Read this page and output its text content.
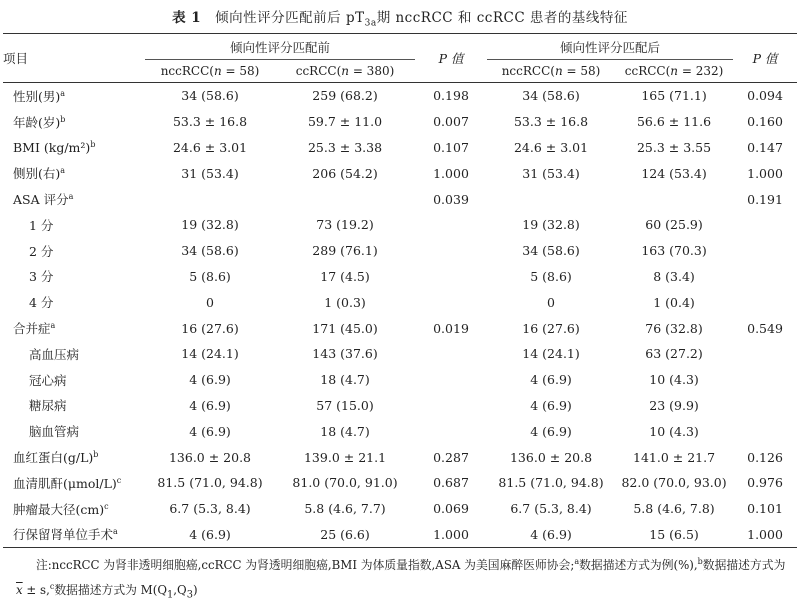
表 1 倾向性评分匹配前后 $pT_{3a}$期 nccRCC 和 ccRCC 患者的基线特征
项目	倾向性评分匹配前		P 值	倾向性评分匹配后		P 值
	nccRCC(n = 58)	ccRCC(n = 380)		nccRCC(n = 58)	ccRCC(n = 232)	
性别(男)$^a$	34 (58.6)	259 (68.2)	0.198	34 (58.6)	165 (71.1)	0.094
年龄(岁)$^b$	53.3 ± 16.8	59.7 ± 11.0	0.007	53.3 ± 16.8	56.6 ± 11.6	0.160
BMI $(kg/m^2)^b$	24.6 ± 3.01	25.3 ± 3.38	0.107	24.6 ± 3.01	25.3 ± 3.55	0.147
侧别(右)$^a$	31 (53.4)	206 (54.2)	1.000	31 (53.4)	124 (53.4)	1.000
ASA 评分$^a$			0.039			0.191
1 分	19 (32.8)	73 (19.2)		19 (32.8)	60 (25.9)	
2 分	34 (58.6)	289 (76.1)		34 (58.6)	163 (70.3)	
3 分	5 (8.6)	17 (4.5)		5 (8.6)	8 (3.4)	
4 分	0	1 (0.3)		0	1 (0.4)	
合并症$^a$	16 (27.6)	171 (45.0)	0.019	16 (27.6)	76 (32.8)	0.549
高血压病	14 (24.1)	143 (37.6)		14 (24.1)	63 (27.2)	
冠心病	4 (6.9)	18 (4.7)		4 (6.9)	10 (4.3)	
糖尿病	4 (6.9)	57 (15.0)		4 (6.9)	23 (9.9)	
脑血管病	4 (6.9)	18 (4.7)		4 (6.9)	10 (4.3)	
血红蛋白$(g/L)^b$	136.0 ± 20.8	139.0 ± 21.1	0.287	136.0 ± 20.8	141.0 ± 21.7	0.126
血清肌酐$(\mu mol/L)^c$	81.5 (71.0, 94.8)	81.0 (70.0, 91.0)	0.687	81.5 (71.0, 94.8)	82.0 (70.0, 93.0)	0.976
肿瘤最大径(cm)$^c$	6.7 (5.3, 8.4)	5.8 (4.6, 7.7)	0.069	6.7 (5.3, 8.4)	5.8 (4.6, 7.8)	0.101
行保留肾单位手术$^a$	4 (6.9)	25 (6.6)	1.000	4 (6.9)	15 (6.5)	1.000
注:nccRCC 为肾非透明细胞癌,ccRCC 为肾透明细胞癌,BMI 为体质量指数,ASA 为美国麻醉医师协会;$^a$数据描述方式为例(%),$^b$数据描述方式为 $\overline{x} \pm s,^c$数据描述方式为 $M(Q_1,Q_3)$
